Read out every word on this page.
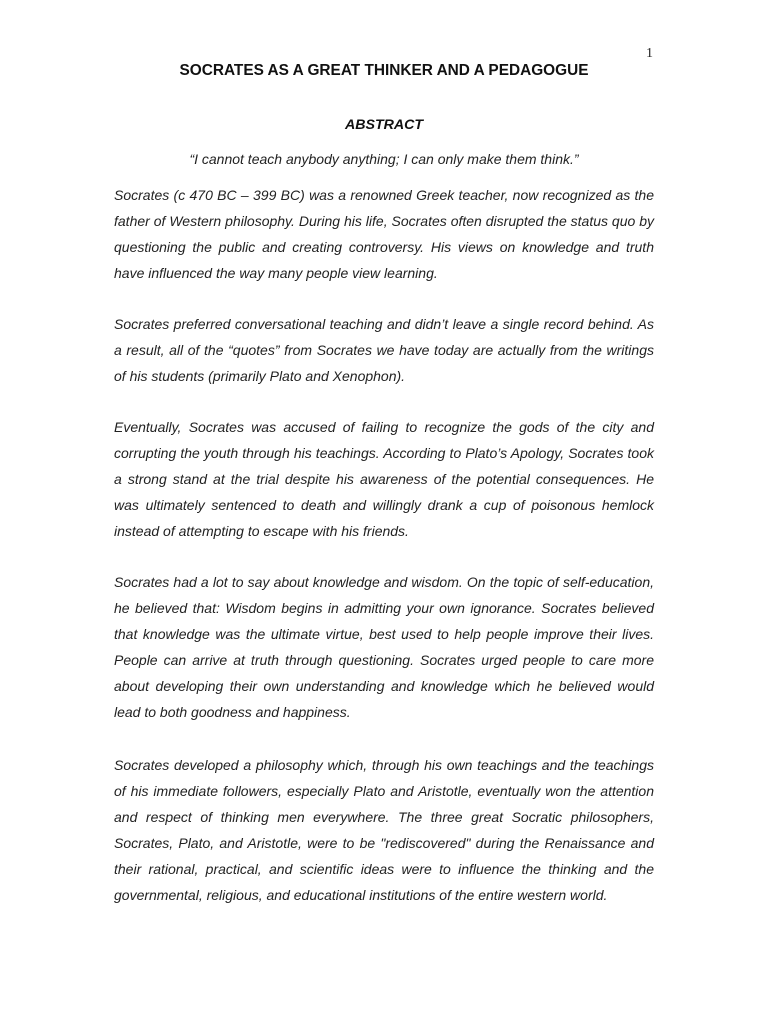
1
SOCRATES AS A GREAT THINKER AND A PEDAGOGUE
ABSTRACT
“I cannot teach anybody anything; I can only make them think.”

Socrates (c 470 BC – 399 BC) was a renowned Greek teacher, now recognized as the father of Western philosophy. During his life, Socrates often disrupted the status quo by questioning the public and creating controversy. His views on knowledge and truth have influenced the way many people view learning.

Socrates preferred conversational teaching and didn’t leave a single record behind. As a result, all of the “quotes” from Socrates we have today are actually from the writings of his students (primarily Plato and Xenophon).

Eventually, Socrates was accused of failing to recognize the gods of the city and corrupting the youth through his teachings. According to Plato’s Apology, Socrates took a strong stand at the trial despite his awareness of the potential consequences. He was ultimately sentenced to death and willingly drank a cup of poisonous hemlock instead of attempting to escape with his friends.

Socrates had a lot to say about knowledge and wisdom. On the topic of self-education, he believed that: Wisdom begins in admitting your own ignorance. Socrates believed that knowledge was the ultimate virtue, best used to help people improve their lives. People can arrive at truth through questioning. Socrates urged people to care more about developing their own understanding and knowledge which he believed would lead to both goodness and happiness.

Socrates developed a philosophy which, through his own teachings and the teachings of his immediate followers, especially Plato and Aristotle, eventually won the attention and respect of thinking men everywhere. The three great Socratic philosophers, Socrates, Plato, and Aristotle, were to be "rediscovered" during the Renaissance and their rational, practical, and scientific ideas were to influence the thinking and the governmental, religious, and educational institutions of the entire western world.
